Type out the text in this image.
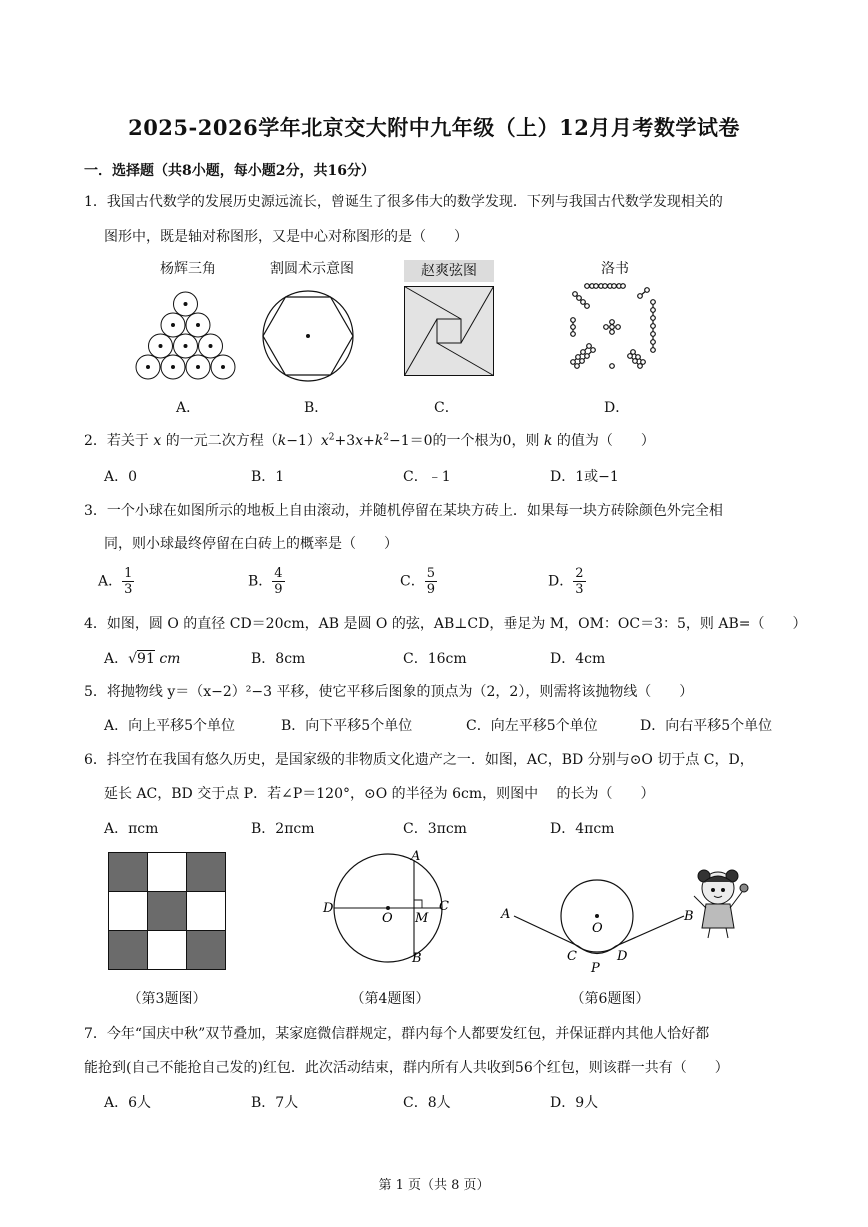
2025-2026学年北京交大附中九年级（上）12月月考数学试卷
一．选择题（共8小题，每小题2分，共16分）
1．我国古代数学的发展历史源远流长，曾诞生了很多伟大的数学发现．下列与我国古代数学发现相关的
图形中，既是轴对称图形，又是中心对称图形的是（　　）
杨辉三角	割圆术示意图	赵爽弦图	洛书
A．	B．	C．	D．
2．若关于 x 的一元二次方程$(k-1)x^2+3x+k^2-1=0$的一个根为0，则 k 的值为（　　）
A．0	B．1	C．﹣1	D．1或−1
3．一个小球在如图所示的地板上自由滚动，并随机停留在某块方砖上．如果每一块方砖除颜色外完全相
同，则小球最终停留在白砖上的概率是（　　）
A． $\frac{1}{3}$	B． $\frac{4}{9}$	C． $\frac{5}{9}$	D． $\frac{2}{3}$
4．如图，圆 O 的直径 CD＝20cm，AB 是圆 O 的弦，AB⊥CD，垂足为 M，OM：OC＝3：5，则 AB=（　　）
A．√91 cm	B．8cm	C．16cm	D．4cm
5．将抛物线 y＝（x−2）²−3 平移，使它平移后图象的顶点为（2，2），则需将该抛物线（　　）
A．向上平移5个单位	B．向下平移5个单位	C．向左平移5个单位	D．向右平移5个单位
6．抖空竹在我国有悠久历史，是国家级的非物质文化遗产之一．如图，AC，BD 分别与⊙O 切于点 C，D，
延长 AC，BD 交于点 P．若∠P＝120°，⊙O 的半径为 6cm，则图中　 的长为（　　）
A．πcm	B．2πcm	C．3πcm	D．4πcm
A
B
C
D
O M	A	B
C	D
O
P
（第3题图）	（第4题图）	（第6题图）
7．今年“国庆中秋”双节叠加，某家庭微信群规定，群内每个人都要发红包，并保证群内其他人恰好都
能抢到(自己不能抢自己发的)红包．此次活动结束，群内所有人共收到56个红包，则该群一共有（　　）
A．6人	B．7人	C．8人	D．9人
第 1 页（共 8 页）
